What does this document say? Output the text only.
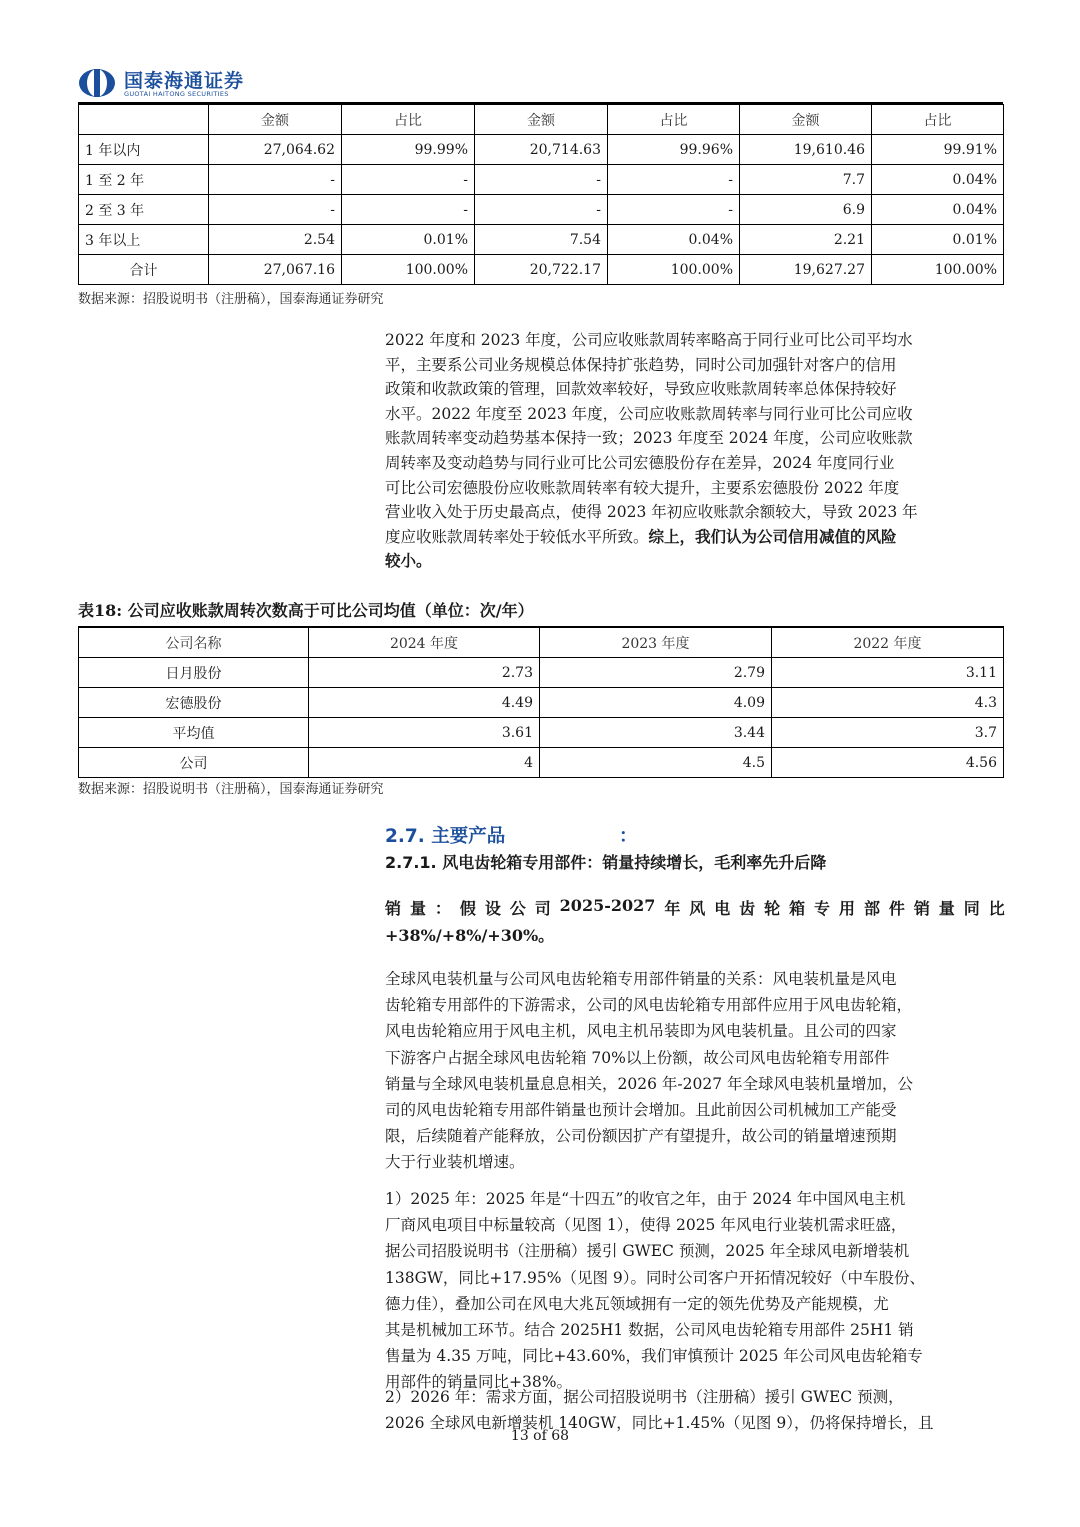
国泰海通证券
GUOTAI HAITONG SECURITIES
	金额	占比	金额	占比	金额	占比
1 年以内	27,064.62	99.99%	20,714.63	99.96%	19,610.46	99.91%
1 至 2 年	-	-	-	-	7.7	0.04%
2 至 3 年	-	-	-	-	6.9	0.04%
3 年以上	2.54	0.01%	7.54	0.04%	2.21	0.01%
合计	27,067.16	100.00%	20,722.17	100.00%	19,627.27	100.00%
数据来源：招股说明书（注册稿），国泰海通证券研究
2022 年度和 2023 年度，公司应收账款周转率略高于同行业可比公司平均水
平，主要系公司业务规模总体保持扩张趋势，同时公司加强针对客户的信用
政策和收款政策的管理，回款效率较好，导致应收账款周转率总体保持较好
水平。2022 年度至 2023 年度，公司应收账款周转率与同行业可比公司应收
账款周转率变动趋势基本保持一致；2023 年度至 2024 年度，公司应收账款
周转率及变动趋势与同行业可比公司宏德股份存在差异，2024 年度同行业
可比公司宏德股份应收账款周转率有较大提升，主要系宏德股份 2022 年度
营业收入处于历史最高点，使得 2023 年初应收账款余额较大，导致 2023 年
度应收账款周转率处于较低水平所致。综上，我们认为公司信用减值的风险
较小。
表18: 公司应收账款周转次数高于可比公司均值（单位：次/年）
公司名称	2024 年度	2023 年度	2022 年度
日月股份	2.73	2.79	3.11
宏德股份	4.49	4.09	4.3
平均值	3.61	3.44	3.7
公司	4	4.5	4.56
数据来源：招股说明书（注册稿），国泰海通证券研究
2.7. 主要产品	：
2.7.1. 风电齿轮箱专用部件：销量持续增长，毛利率先升后降
销 量 ： 假 设 公 司 2025-2027 年 风 电 齿 轮 箱 专 用 部 件 销 量 同 比
+38%/+8%/+30%。
全球风电装机量与公司风电齿轮箱专用部件销量的关系：风电装机量是风电
齿轮箱专用部件的下游需求，公司的风电齿轮箱专用部件应用于风电齿轮箱，
风电齿轮箱应用于风电主机，风电主机吊装即为风电装机量。且公司的四家
下游客户占据全球风电齿轮箱 70%以上份额，故公司风电齿轮箱专用部件
销量与全球风电装机量息息相关，2026 年-2027 年全球风电装机量增加，公
司的风电齿轮箱专用部件销量也预计会增加。且此前因公司机械加工产能受
限，后续随着产能释放，公司份额因扩产有望提升，故公司的销量增速预期
大于行业装机增速。
1）2025 年：2025 年是“十四五”的收官之年，由于 2024 年中国风电主机
厂商风电项目中标量较高（见图 1），使得 2025 年风电行业装机需求旺盛，
据公司招股说明书（注册稿）援引 GWEC 预测，2025 年全球风电新增装机
138GW，同比+17.95%（见图 9）。同时公司客户开拓情况较好（中车股份、
德力佳），叠加公司在风电大兆瓦领域拥有一定的领先优势及产能规模，尤
其是机械加工环节。结合 2025H1 数据，公司风电齿轮箱专用部件 25H1 销
售量为 4.35 万吨，同比+43.60%，我们审慎预计 2025 年公司风电齿轮箱专
用部件的销量同比+38%。
2）2026 年：需求方面，据公司招股说明书（注册稿）援引 GWEC 预测，
2026 全球风电新增装机 140GW，同比+1.45%（见图 9），仍将保持增长，且
13 of 68
